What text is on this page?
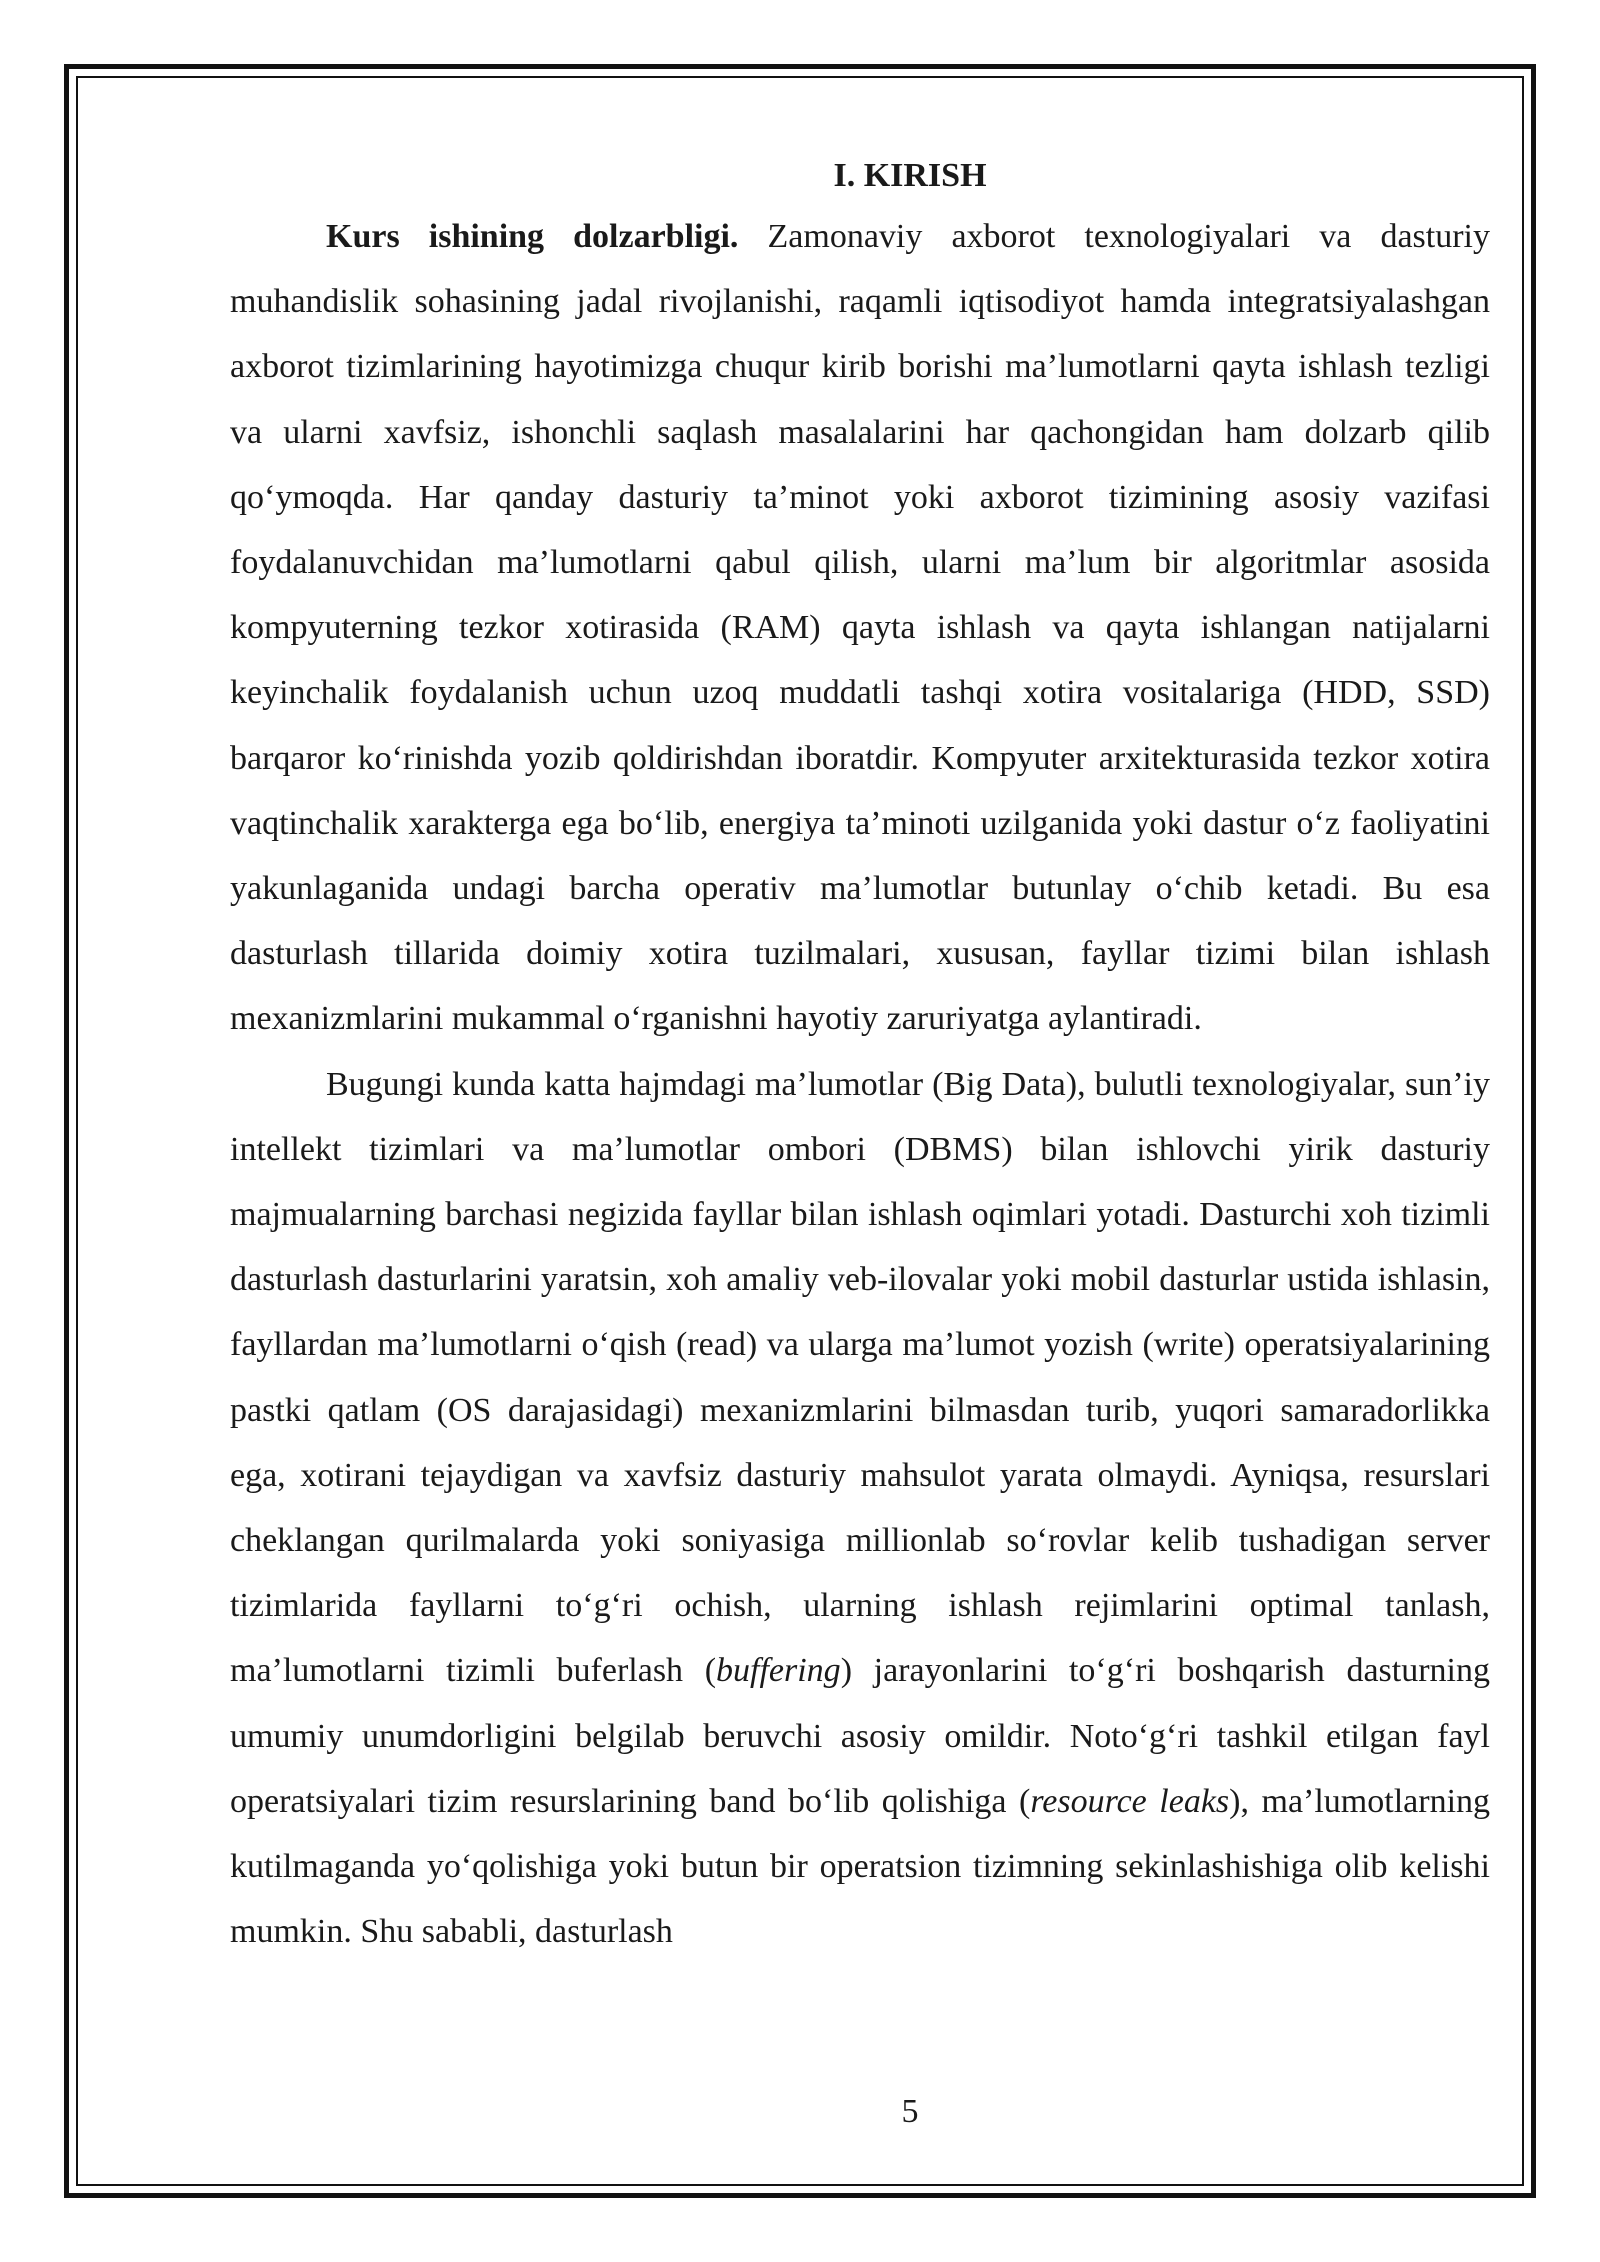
I. KIRISH

Kurs ishining dolzarbligi. Zamonaviy axborot texnologiyalari va dasturiy muhandislik sohasining jadal rivojlanishi, raqamli iqtisodiyot hamda integratsiyalashgan axborot tizimlarining hayotimizga chuqur kirib borishi ma’lumotlarni qayta ishlash tezligi va ularni xavfsiz, ishonchli saqlash masalalarini har qachongidan ham dolzarb qilib qo‘ymoqda. Har qanday dasturiy ta’minot yoki axborot tizimining asosiy vazifasi foydalanuvchidan ma’lumotlarni qabul qilish, ularni ma’lum bir algoritmlar asosida kompyuterning tezkor xotirasida (RAM) qayta ishlash va qayta ishlangan natijalarni keyinchalik foydalanish uchun uzoq muddatli tashqi xotira vositalariga (HDD, SSD) barqaror ko‘rinishda yozib qoldirishdan iboratdir. Kompyuter arxitekturasida tezkor xotira vaqtinchalik xarakterga ega bo‘lib, energiya ta’minoti uzilganida yoki dastur o‘z faoliyatini yakunlaganida undagi barcha operativ ma’lumotlar butunlay o‘chib ketadi. Bu esa dasturlash tillarida doimiy xotira tuzilmalari, xususan, fayllar tizimi bilan ishlash mexanizmlarini mukammal o‘rganishni hayotiy zaruriyatga aylantiradi.

Bugungi kunda katta hajmdagi ma’lumotlar (Big Data), bulutli texnologiyalar, sun’iy intellekt tizimlari va ma’lumotlar ombori (DBMS) bilan ishlovchi yirik dasturiy majmualarning barchasi negizida fayllar bilan ishlash oqimlari yotadi. Dasturchi xoh tizimli dasturlash dasturlarini yaratsin, xoh amaliy veb-ilovalar yoki mobil dasturlar ustida ishlasin, fayllardan ma’lumotlarni o‘qish (read) va ularga ma’lumot yozish (write) operatsiyalarining pastki qatlam (OS darajasidagi) mexanizmlarini bilmasdan turib, yuqori samaradorlikka ega, xotirani tejaydigan va xavfsiz dasturiy mahsulot yarata olmaydi. Ayniqsa, resurslari cheklangan qurilmalarda yoki soniyasiga millionlab so‘rovlar kelib tushadigan server tizimlarida fayllarni to‘g‘ri ochish, ularning ishlash rejimlarini optimal tanlash, ma’lumotlarni tizimli buferlash (buffering) jarayonlarini to‘g‘ri boshqarish dasturning umumiy unumdorligini belgilab beruvchi asosiy omildir. Noto‘g‘ri tashkil etilgan fayl operatsiyalari tizim resurslarining band bo‘lib qolishiga (resource leaks), ma’lumotlarning kutilmaganda yo‘qolishiga yoki butun bir operatsion tizimning sekinlashishiga olib kelishi mumkin. Shu sababli, dasturlash

5
